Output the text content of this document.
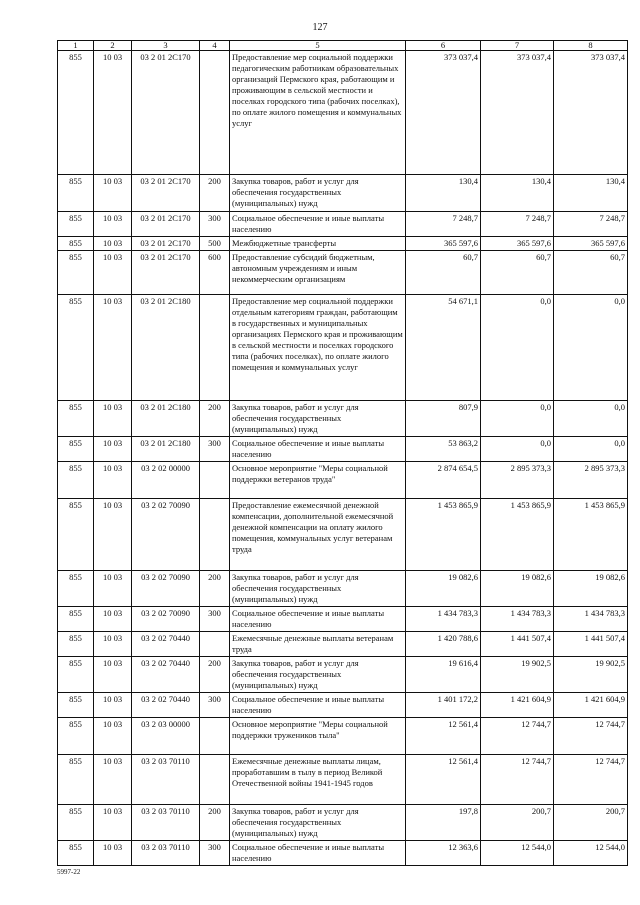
127
1	2	3	4	5	6	7	8
855	10 03	03 2 01 2С170		Предоставление мер социальной поддержки педагогическим работникам образовательных организаций Пермского края, работающим и проживающим в сельской местности и поселках городского типа (рабочих поселках), по оплате жилого помещения и коммунальных услуг	373 037,4	373 037,4	373 037,4
855	10 03	03 2 01 2С170	200	Закупка товаров, работ и услуг для обеспечения государственных (муниципальных) нужд	130,4	130,4	130,4
855	10 03	03 2 01 2С170	300	Социальное обеспечение и иные выплаты населению	7 248,7	7 248,7	7 248,7
855	10 03	03 2 01 2С170	500	Межбюджетные трансферты	365 597,6	365 597,6	365 597,6
855	10 03	03 2 01 2С170	600	Предоставление субсидий бюджетным, автономным учреждениям и иным некоммерческим организациям	60,7	60,7	60,7
855	10 03	03 2 01 2С180		Предоставление мер социальной поддержки отдельным категориям граждан, работающим в государственных и муниципальных организациях Пермского края и проживающим в сельской местности и поселках городского типа (рабочих поселках), по оплате жилого помещения и коммунальных услуг	54 671,1	0,0	0,0
855	10 03	03 2 01 2С180	200	Закупка товаров, работ и услуг для обеспечения государственных (муниципальных) нужд	807,9	0,0	0,0
855	10 03	03 2 01 2С180	300	Социальное обеспечение и иные выплаты населению	53 863,2	0,0	0,0
855	10 03	03 2 02 00000		Основное мероприятие "Меры социальной поддержки ветеранов труда"	2 874 654,5	2 895 373,3	2 895 373,3
855	10 03	03 2 02 70090		Предоставление ежемесячной денежной компенсации, дополнительной ежемесячной денежной компенсации на оплату жилого помещения, коммунальных услуг ветеранам труда	1 453 865,9	1 453 865,9	1 453 865,9
855	10 03	03 2 02 70090	200	Закупка товаров, работ и услуг для обеспечения государственных (муниципальных) нужд	19 082,6	19 082,6	19 082,6
855	10 03	03 2 02 70090	300	Социальное обеспечение и иные выплаты населению	1 434 783,3	1 434 783,3	1 434 783,3
855	10 03	03 2 02 70440		Ежемесячные денежные выплаты ветеранам труда	1 420 788,6	1 441 507,4	1 441 507,4
855	10 03	03 2 02 70440	200	Закупка товаров, работ и услуг для обеспечения государственных (муниципальных) нужд	19 616,4	19 902,5	19 902,5
855	10 03	03 2 02 70440	300	Социальное обеспечение и иные выплаты населению	1 401 172,2	1 421 604,9	1 421 604,9
855	10 03	03 2 03 00000		Основное мероприятие "Меры социальной поддержки тружеников тыла"	12 561,4	12 744,7	12 744,7
855	10 03	03 2 03 70110		Ежемесячные денежные выплаты лицам, проработавшим в тылу в период Великой Отечественной войны 1941-1945 годов	12 561,4	12 744,7	12 744,7
855	10 03	03 2 03 70110	200	Закупка товаров, работ и услуг для обеспечения государственных (муниципальных) нужд	197,8	200,7	200,7
855	10 03	03 2 03 70110	300	Социальное обеспечение и иные выплаты населению	12 363,6	12 544,0	12 544,0
5997-22
